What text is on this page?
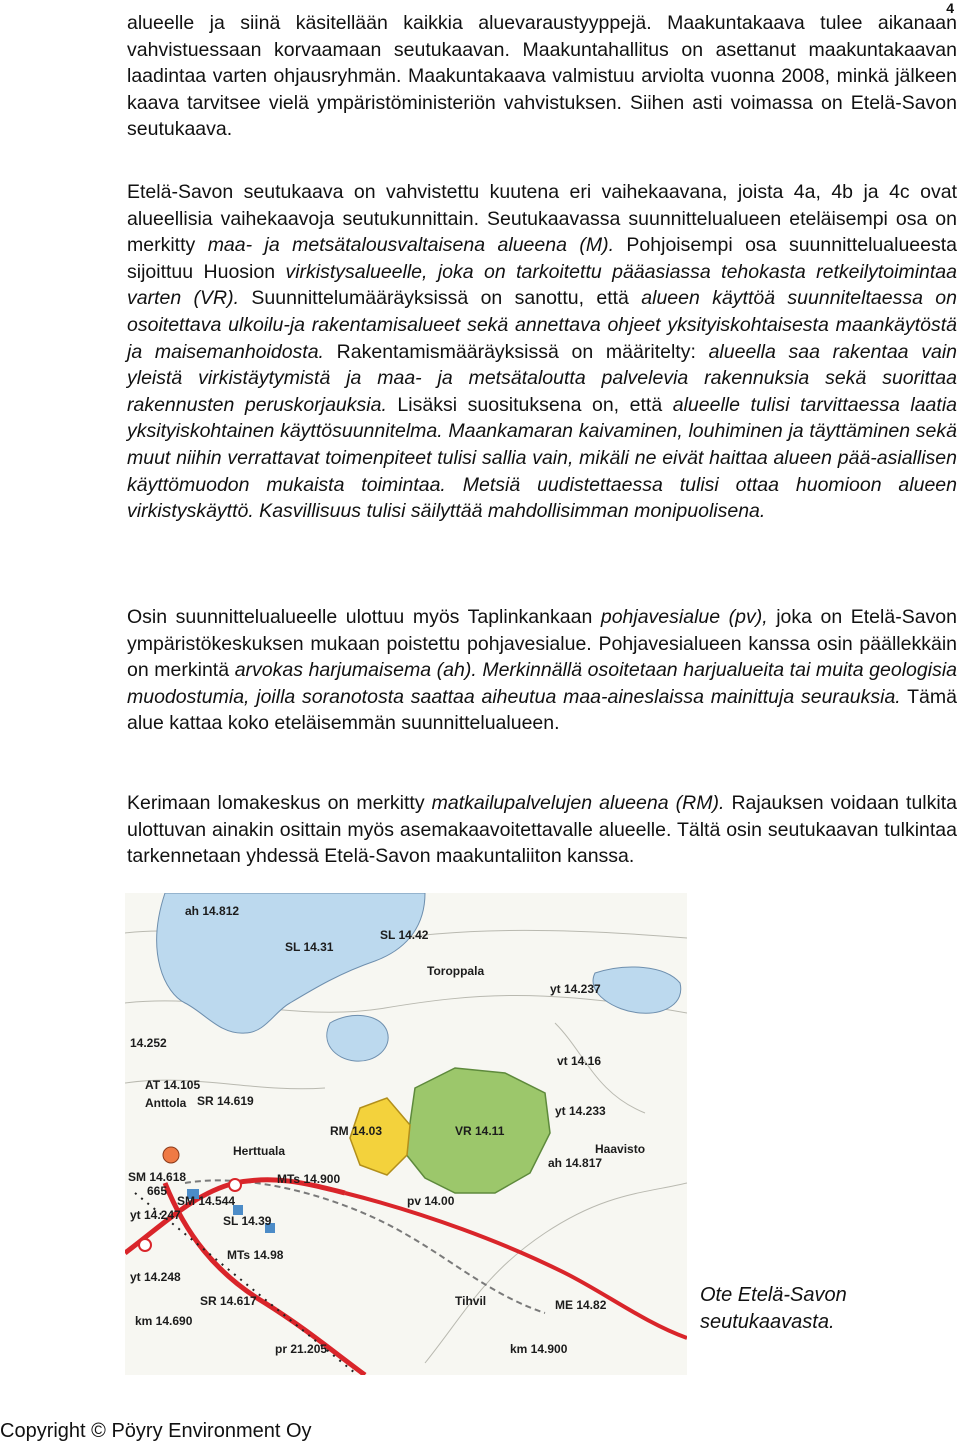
4

alueelle ja siinä käsitellään kaikkia aluevaraustyyppejä. Maakuntakaava tulee aikanaan vahvistuessaan korvaamaan seutukaavan. Maakuntahallitus on asettanut maakuntakaavan laadintaa varten ohjausryhmän. Maakuntakaava valmistuu arviolta vuonna 2008, minkä jälkeen kaava tarvitsee vielä ympäristöministeriön vahvistuksen. Siihen asti voimassa on Etelä-Savon seutukaava.

Etelä-Savon seutukaava on vahvistettu kuutena eri vaihekaavana, joista 4a, 4b ja 4c ovat alueellisia vaihekaavoja seutukunnittain. Seutukaavassa suunnittelualueen eteläisempi osa on merkitty maa- ja metsätalousvaltaisena alueena (M). Pohjoisempi osa suunnittelualueesta sijoittuu Huosion virkistysalueelle, joka on tarkoitettu pääasiassa tehokasta retkeilytoimintaa varten (VR). Suunnittelumääräyksissä on sanottu, että alueen käyttöä suunniteltaessa on osoitettava ulkoilu-ja rakentamisalueet sekä annettava ohjeet yksityiskohtaisesta maankäytöstä ja maisemanhoidosta. Rakentamismääräyksissä on määritelty: alueella saa rakentaa vain yleistä virkistäytymistä ja maa- ja metsätaloutta palvelevia rakennuksia sekä suorittaa rakennusten peruskorjauksia. Lisäksi suosituksena on, että alueelle tulisi tarvittaessa laatia yksityiskohtainen käyttösuunnitelma. Maankamaran kaivaminen, louhiminen ja täyttäminen sekä muut niihin verrattavat toimenpiteet tulisi sallia vain, mikäli ne eivät haittaa alueen pää-asiallisen käyttömuodon mukaista toimintaa. Metsiä uudistettaessa tulisi ottaa huomioon alueen virkistyskäyttö. Kasvillisuus tulisi säilyttää mahdollisimman monipuolisena.

Osin suunnittelualueelle ulottuu myös Taplinkankaan pohjavesialue (pv), joka on Etelä-Savon ympäristökeskuksen mukaan poistettu pohjavesialue. Pohjavesialueen kanssa osin päällekkäin on merkintä arvokas harjumaisema (ah). Merkinnällä osoitetaan harjualueita tai muita geologisia muodostumia, joilla soranotosta saattaa aiheutua maa-aineslaissa mainittuja seurauksia. Tämä alue kattaa koko eteläisemmän suunnittelualueen.

Kerimaan lomakeskus on merkitty matkailupalvelujen alueena (RM). Rajauksen voidaan tulkita ulottuvan ainakin osittain myös asemakaavoitettavalle alueelle. Tältä osin seutukaavan tulkintaa tarkennetaan yhdessä Etelä-Savon maakuntaliiton kanssa.

ah 14.812
SL 14.31
SL 14.42
Toroppala
yt 14.237
14.252
vt 14.16
AT 14.105
Anttola SR 14.619
yt 14.233
RM 14.03	VR 14.11
Haavisto
Herttuala
ah 14.817
SM 14.618
665
MTs 14.900
pv 14.00
SM 14.544
yt 14.247	SL 14.39
MTs 14.98
yt 14.248
SR 14.617	Tihvil	ME 14.82
km 14.690
pr 21.205	km 14.900
Ote Etelä-Savon seutukaavasta.
Copyright © Pöyry Environment Oy
